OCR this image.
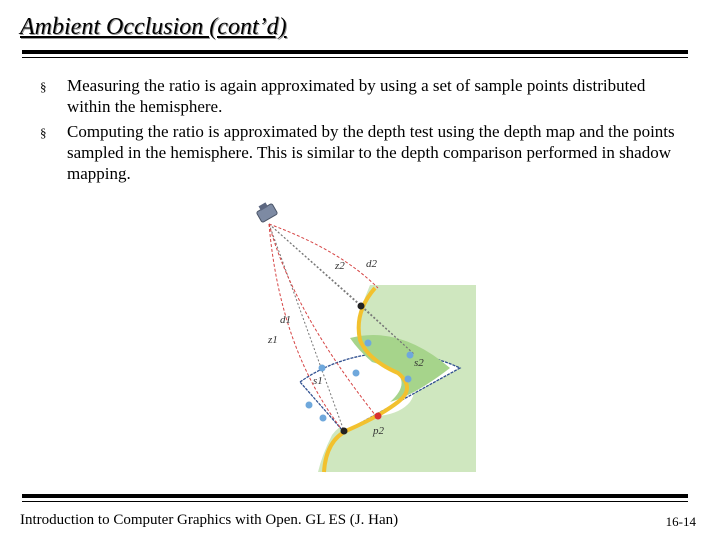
Ambient Occlusion (cont’d)
§ Measuring the ratio is again approximated by using a set of sample points distributed within the hemisphere.
§ Computing the ratio is approximated by the depth test using the depth map and the points sampled in the hemisphere. This is similar to the depth comparison performed in shadow mapping.
z2 d2
d1
z1
s1
s2
p2
Introduction to Computer Graphics with Open. GL ES (J. Han)	16-14
